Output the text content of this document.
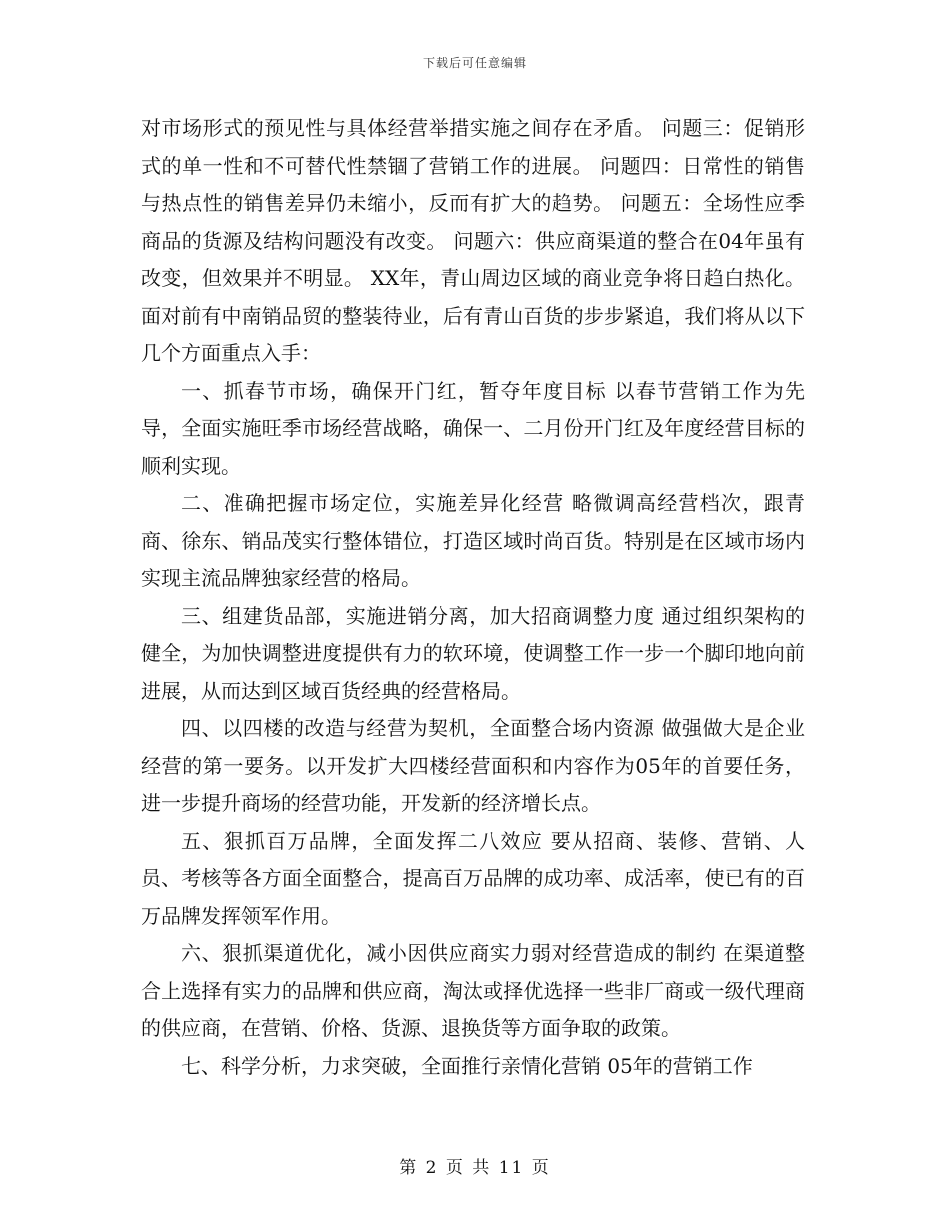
下载后可任意编辑

对市场形式的预见性与具体经营举措实施之间存在矛盾。 问题三：促销形式的单一性和不可替代性禁锢了营销工作的进展。 问题四：日常性的销售与热点性的销售差异仍未缩小，反而有扩大的趋势。 问题五：全场性应季商品的货源及结构问题没有改变。 问题六：供应商渠道的整合在04年虽有改变，但效果并不明显。 XX年，青山周边区域的商业竞争将日趋白热化。面对前有中南销品贸的整装待业，后有青山百货的步步紧追，我们将从以下几个方面重点入手：

一、抓春节市场，确保开门红，暂夺年度目标 以春节营销工作为先导，全面实施旺季市场经营战略，确保一、二月份开门红及年度经营目标的顺利实现。

二、准确把握市场定位，实施差异化经营 略微调高经营档次，跟青商、徐东、销品茂实行整体错位，打造区域时尚百货。特别是在区域市场内实现主流品牌独家经营的格局。

三、组建货品部，实施进销分离，加大招商调整力度 通过组织架构的健全，为加快调整进度提供有力的软环境，使调整工作一步一个脚印地向前进展，从而达到区域百货经典的经营格局。

四、以四楼的改造与经营为契机，全面整合场内资源 做强做大是企业经营的第一要务。以开发扩大四楼经营面积和内容作为05年的首要任务，进一步提升商场的经营功能，开发新的经济增长点。

五、狠抓百万品牌，全面发挥二八效应 要从招商、装修、营销、人员、考核等各方面全面整合，提高百万品牌的成功率、成活率，使已有的百万品牌发挥领军作用。

六、狠抓渠道优化，减小因供应商实力弱对经营造成的制约 在渠道整合上选择有实力的品牌和供应商，淘汰或择优选择一些非厂商或一级代理商的供应商，在营销、价格、货源、退换货等方面争取的政策。

七、科学分析，力求突破，全面推行亲情化营销 05年的营销工作

第 2 页 共 11 页
